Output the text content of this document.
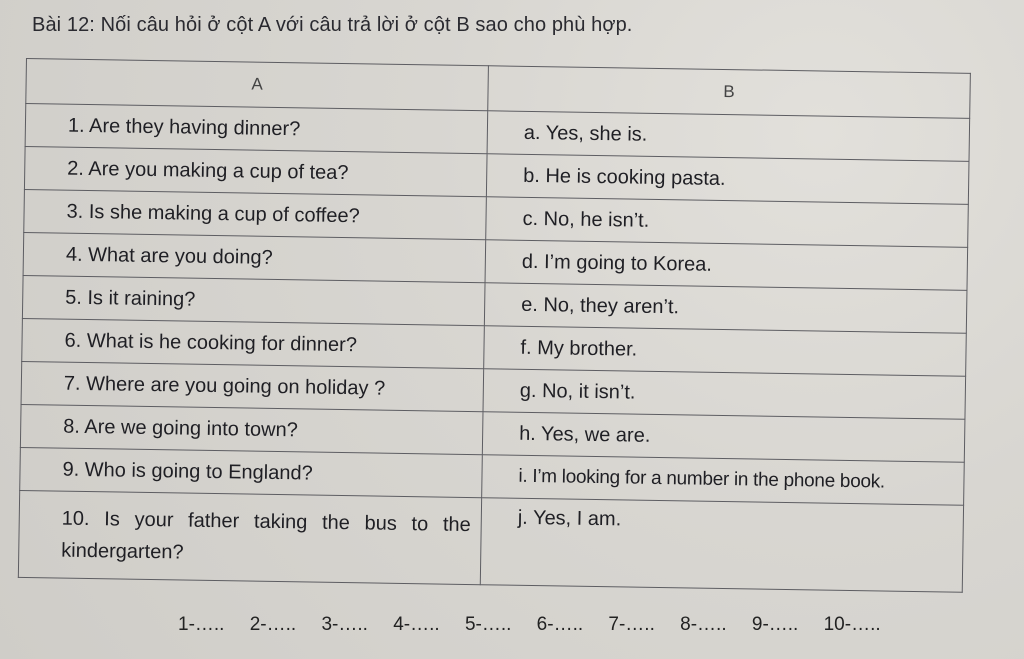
Bài 12: Nối câu hỏi ở cột A với câu trả lời ở cột B sao cho phù hợp.
A	B
1. Are they having dinner?	a. Yes, she is.
2. Are you making a cup of tea?	b. He is cooking pasta.
3. Is she making a cup of coffee?	c. No, he isn’t.
4. What are you doing?	d. I’m going to Korea.
5. Is it raining?	e. No, they aren’t.
6. What is he cooking for dinner?	f. My brother.
7. Where are you going on holiday ?	g. No, it isn’t.
8. Are we going into town?	h. Yes, we are.
9. Who is going to England?	i. I’m looking for a number in the phone book.
10. Is your father taking the bus to the kindergarten?	j. Yes, I am.
1-….. 2-….. 3-….. 4-….. 5-….. 6-….. 7-….. 8-….. 9-….. 10-…..
